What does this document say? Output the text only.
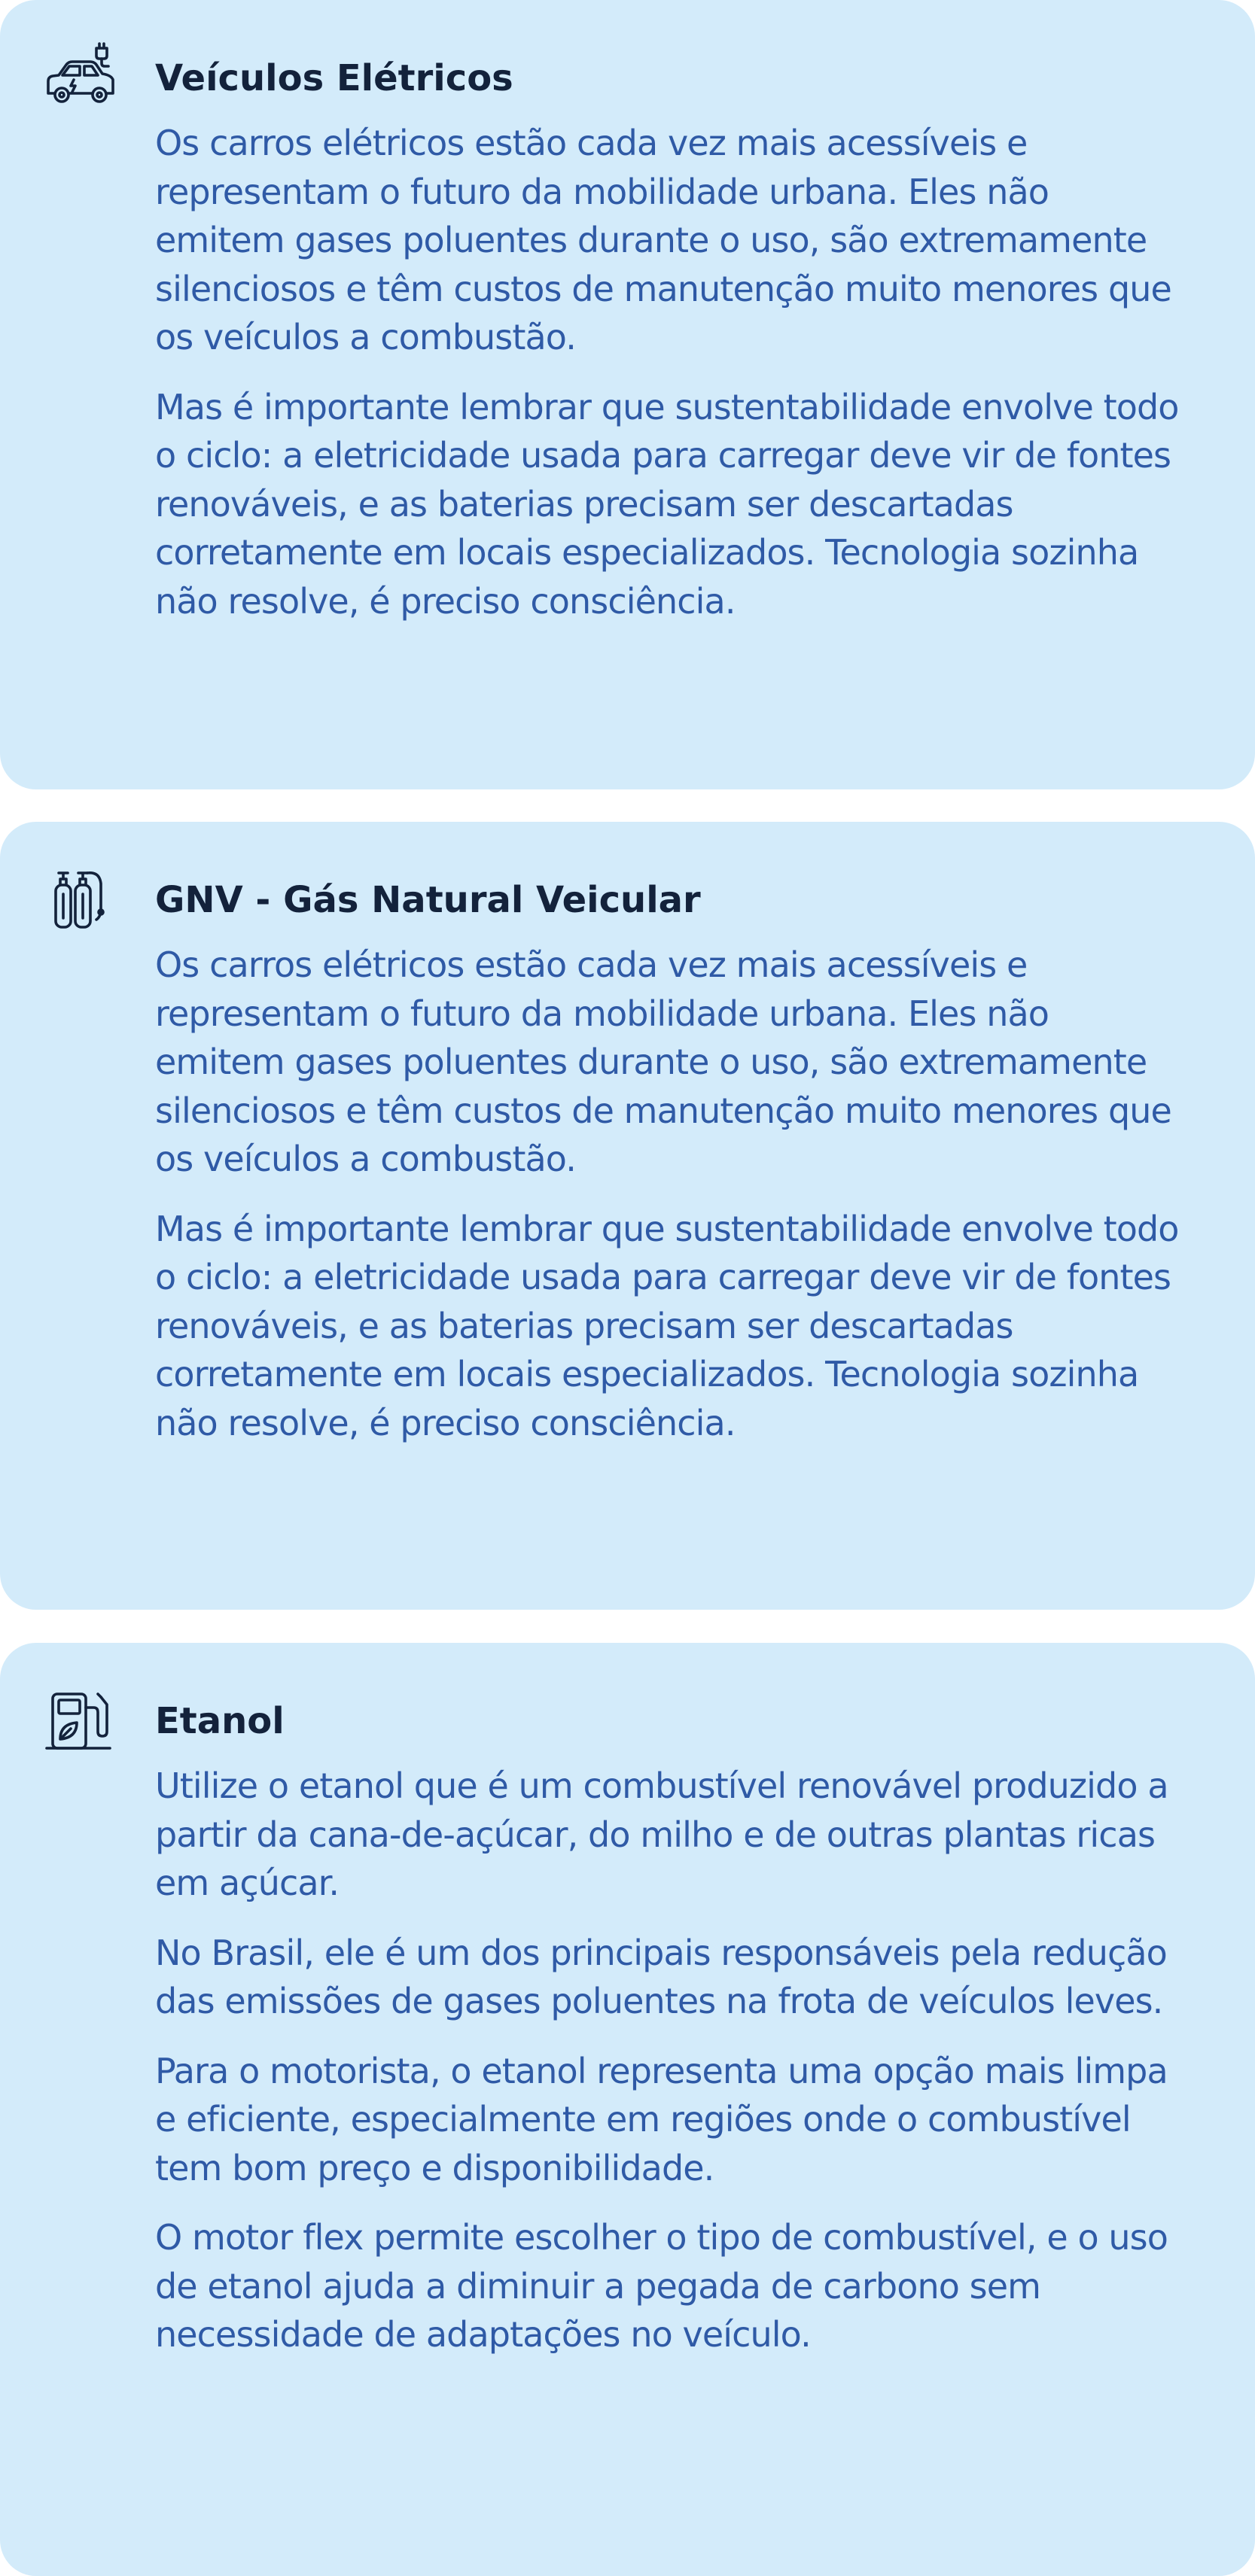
Veículos Elétricos

Os carros elétricos estão cada vez mais acessíveis e representam o futuro da mobilidade urbana. Eles não emitem gases poluentes durante o uso, são extremamente silenciosos e têm custos de manutenção muito menores que os veículos a combustão.

Mas é importante lembrar que sustentabilidade envolve todo o ciclo: a eletricidade usada para carregar deve vir de fontes renováveis, e as baterias precisam ser descartadas corretamente em locais especializados. Tecnologia sozinha não resolve, é preciso consciência.

GNV - Gás Natural Veicular

Os carros elétricos estão cada vez mais acessíveis e representam o futuro da mobilidade urbana. Eles não emitem gases poluentes durante o uso, são extremamente silenciosos e têm custos de manutenção muito menores que os veículos a combustão.

Mas é importante lembrar que sustentabilidade envolve todo o ciclo: a eletricidade usada para carregar deve vir de fontes renováveis, e as baterias precisam ser descartadas corretamente em locais especializados. Tecnologia sozinha não resolve, é preciso consciência.

Etanol

Utilize o etanol que é um combustível renovável produzido a partir da cana-de-açúcar, do milho e de outras plantas ricas em açúcar.

No Brasil, ele é um dos principais responsáveis pela redução das emissões de gases poluentes na frota de veículos leves.

Para o motorista, o etanol representa uma opção mais limpa e eficiente, especialmente em regiões onde o combustível tem bom preço e disponibilidade.

O motor flex permite escolher o tipo de combustível, e o uso de etanol ajuda a diminuir a pegada de carbono sem necessidade de adaptações no veículo.
